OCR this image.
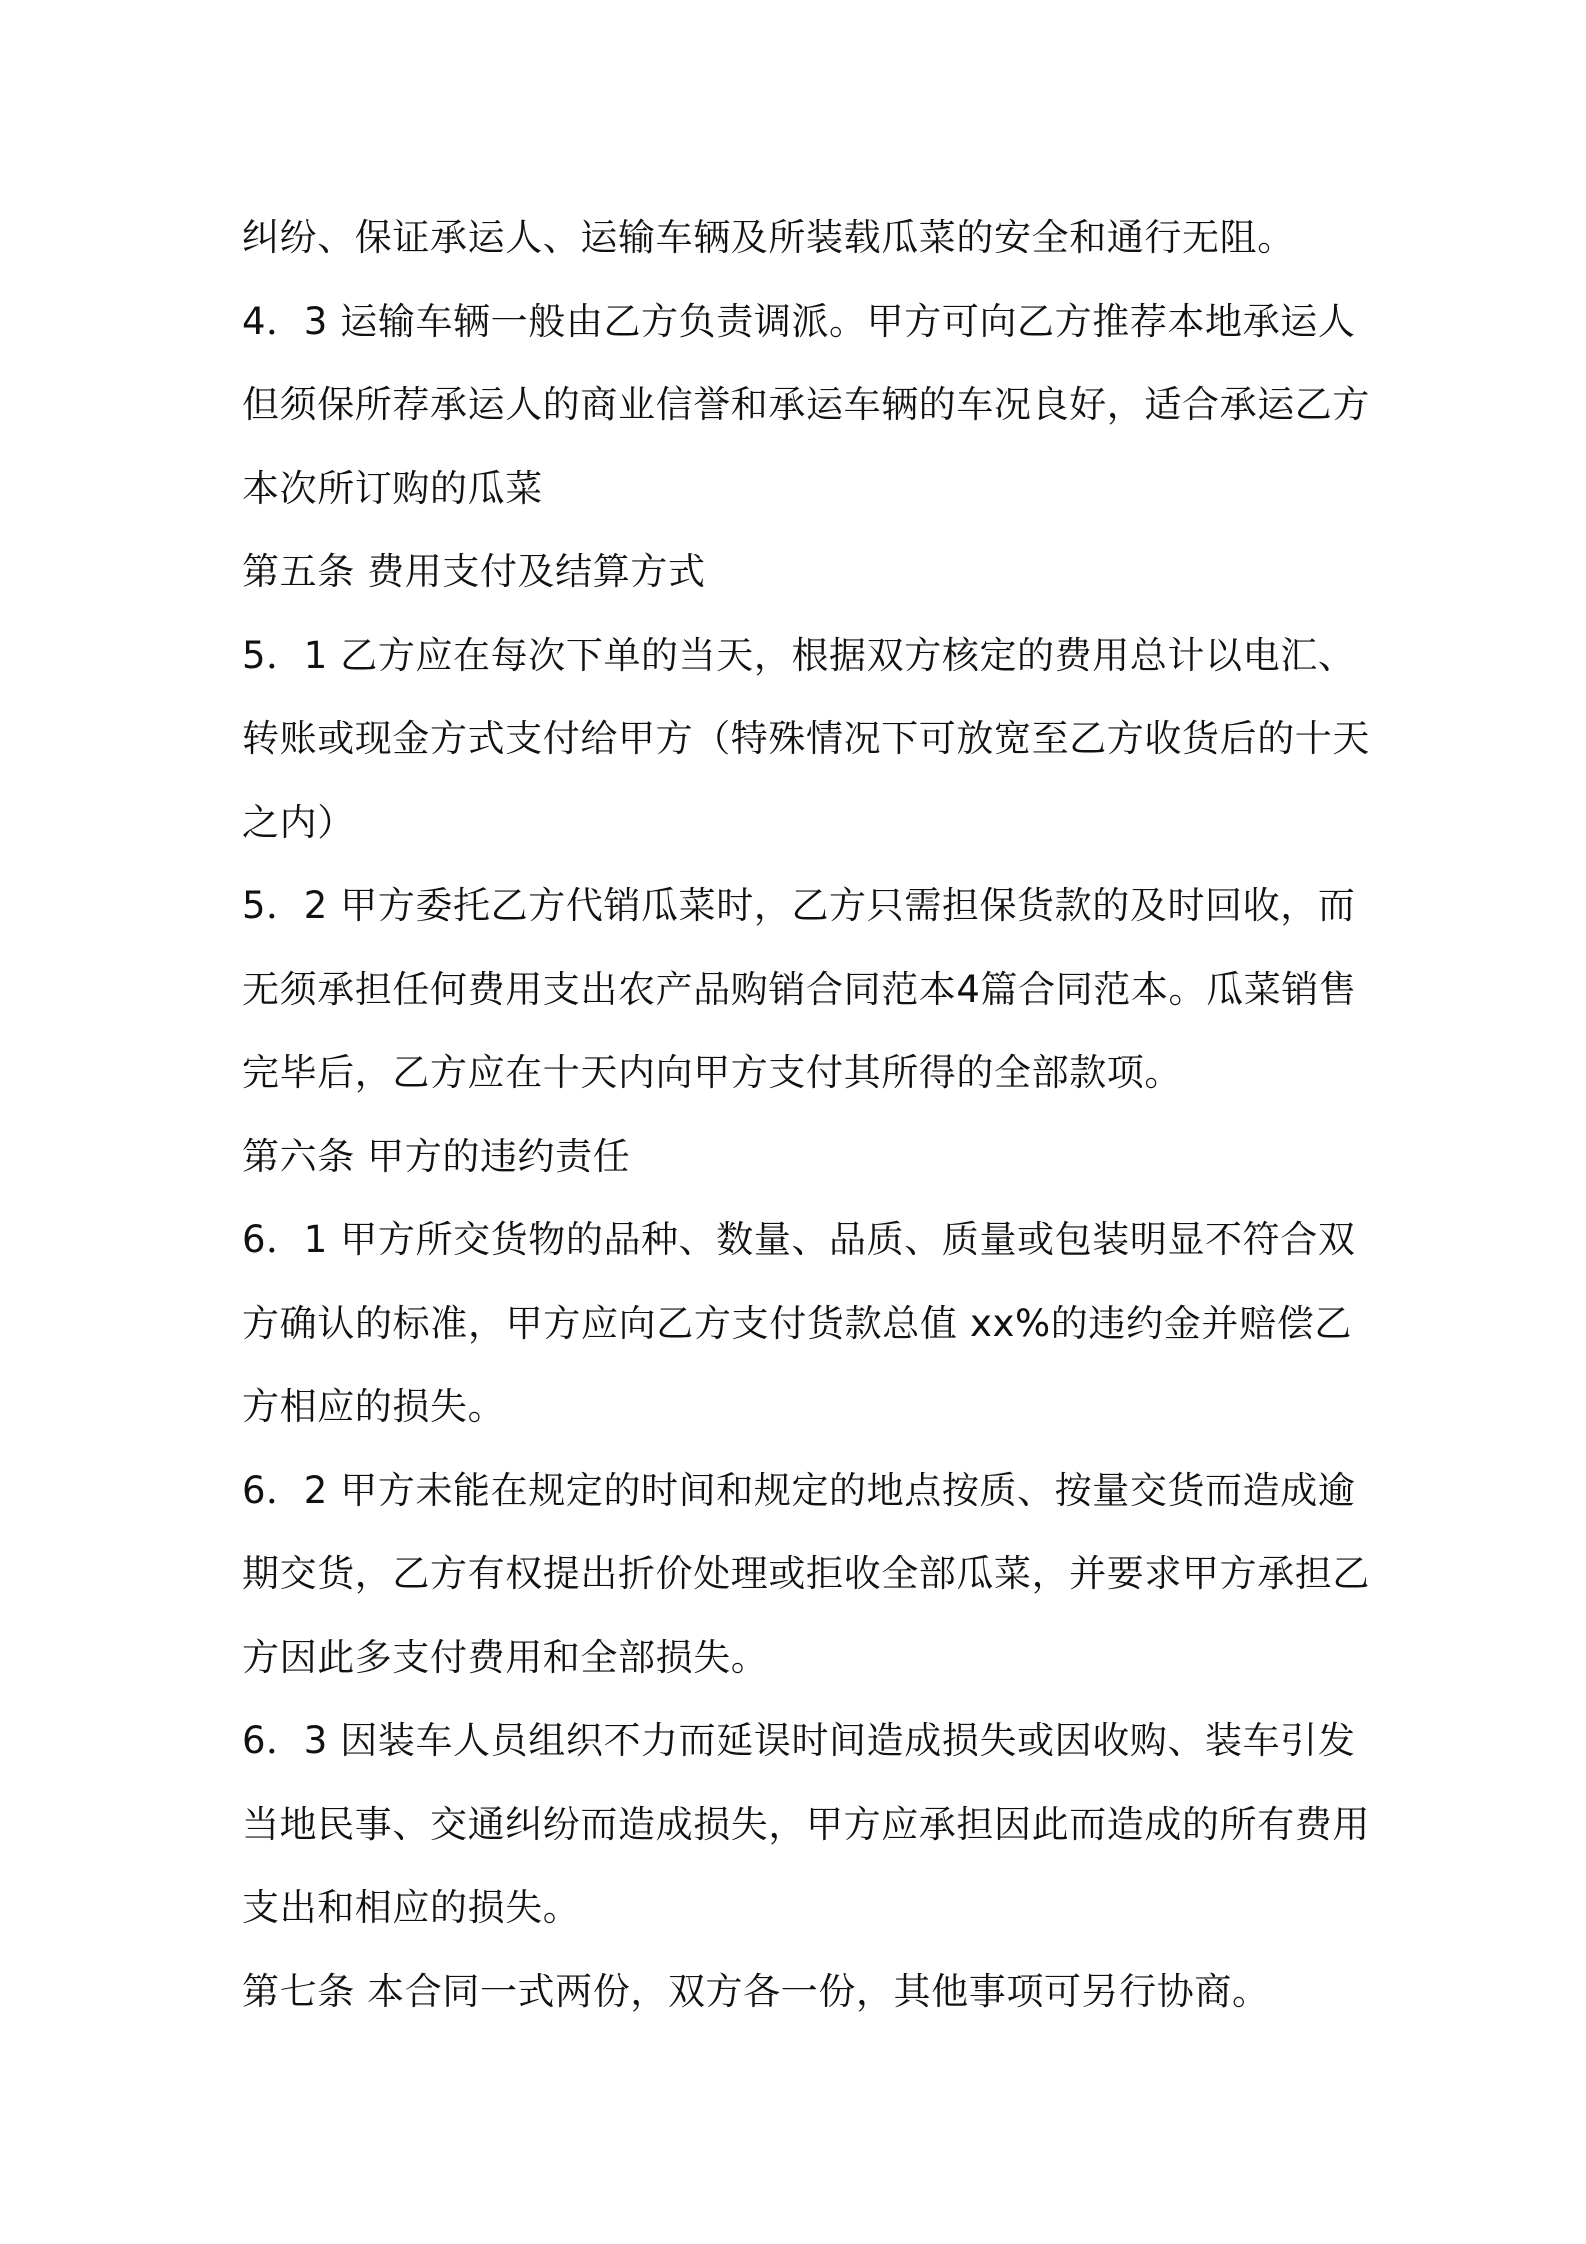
纠纷、保证承运人、运输车辆及所装载瓜菜的安全和通行无阻。
4．3 运输车辆一般由乙方负责调派。甲方可向乙方推荐本地承运人
但须保所荐承运人的商业信誉和承运车辆的车况良好，适合承运乙方
本次所订购的瓜菜
第五条 费用支付及结算方式
5．1 乙方应在每次下单的当天，根据双方核定的费用总计以电汇、
转账或现金方式支付给甲方（特殊情况下可放宽至乙方收货后的十天
之内）
5．2 甲方委托乙方代销瓜菜时，乙方只需担保货款的及时回收，而
无须承担任何费用支出农产品购销合同范本4篇合同范本。瓜菜销售
完毕后，乙方应在十天内向甲方支付其所得的全部款项。
第六条 甲方的违约责任
6．1 甲方所交货物的品种、数量、品质、质量或包装明显不符合双
方确认的标准，甲方应向乙方支付货款总值 xx%的违约金并赔偿乙
方相应的损失。
6．2 甲方未能在规定的时间和规定的地点按质、按量交货而造成逾
期交货，乙方有权提出折价处理或拒收全部瓜菜，并要求甲方承担乙
方因此多支付费用和全部损失。
6．3 因装车人员组织不力而延误时间造成损失或因收购、装车引发
当地民事、交通纠纷而造成损失，甲方应承担因此而造成的所有费用
支出和相应的损失。
第七条 本合同一式两份，双方各一份，其他事项可另行协商。
